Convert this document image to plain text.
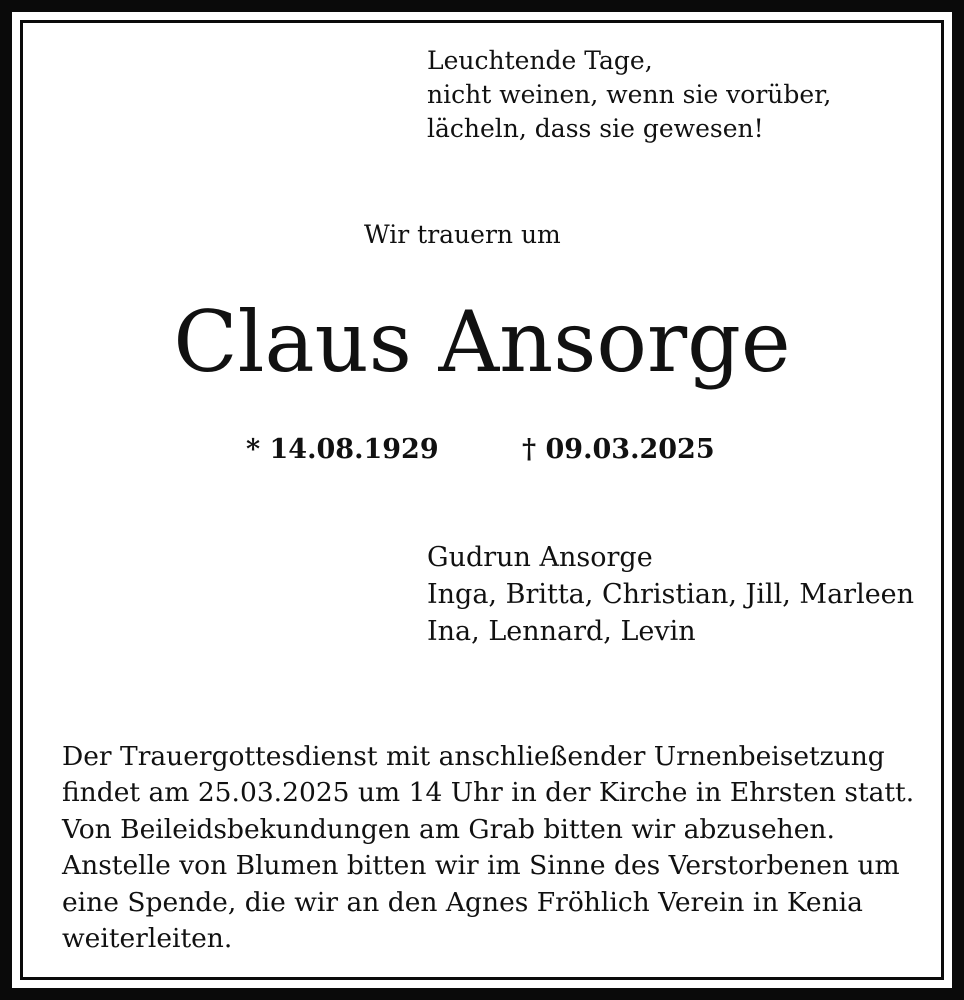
Leuchtende Tage,
nicht weinen, wenn sie vorüber,
lächeln, dass sie gewesen!
Wir trauern um
Claus Ansorge
* 14.08.1929	† 09.03.2025
Gudrun Ansorge
Inga, Britta, Christian, Jill, Marleen
Ina, Lennard, Levin
Der Trauergottesdienst mit anschließender Urnenbeisetzung
findet am 25.03.2025 um 14 Uhr in der Kirche in Ehrsten statt.
Von Beileidsbekundungen am Grab bitten wir abzusehen.
Anstelle von Blumen bitten wir im Sinne des Verstorbenen um
eine Spende, die wir an den Agnes Fröhlich Verein in Kenia
weiterleiten.
